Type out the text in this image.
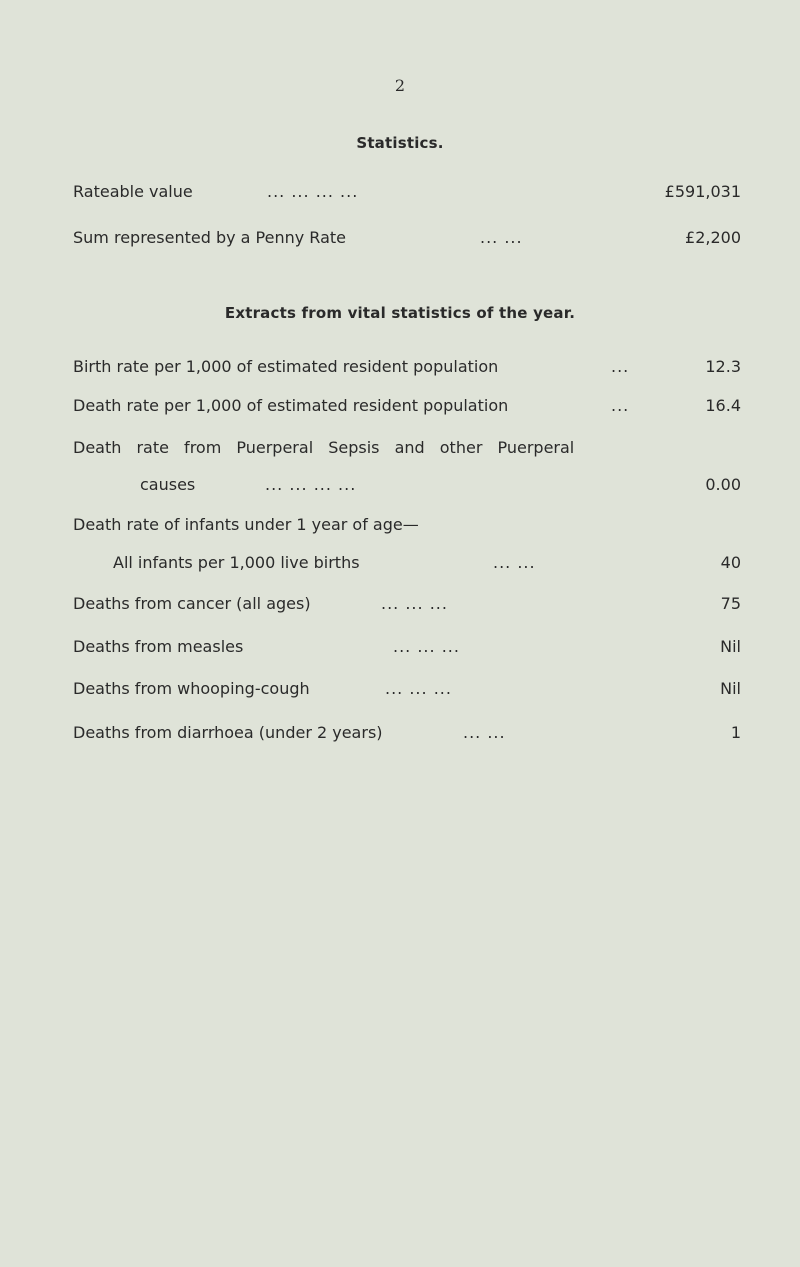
2
Statistics.
Rateable value	... ... ... ...	£591,031
Sum represented by a Penny Rate	... ...	£2,200
Extracts from vital statistics of the year.
Birth rate per 1,000 of estimated resident population	...	12.3
Death rate per 1,000 of estimated resident population	...	16.4
Death rate from Puerperal Sepsis and other Puerperal
causes	... ... ... ...	0.00
Death rate of infants under 1 year of age—
All infants per 1,000 live births	... ...	40
Deaths from cancer (all ages)	... ... ...	75
Deaths from measles	... ... ...	Nil
Deaths from whooping-cough	... ... ...	Nil
Deaths from diarrhoea (under 2 years)	... ...	1
